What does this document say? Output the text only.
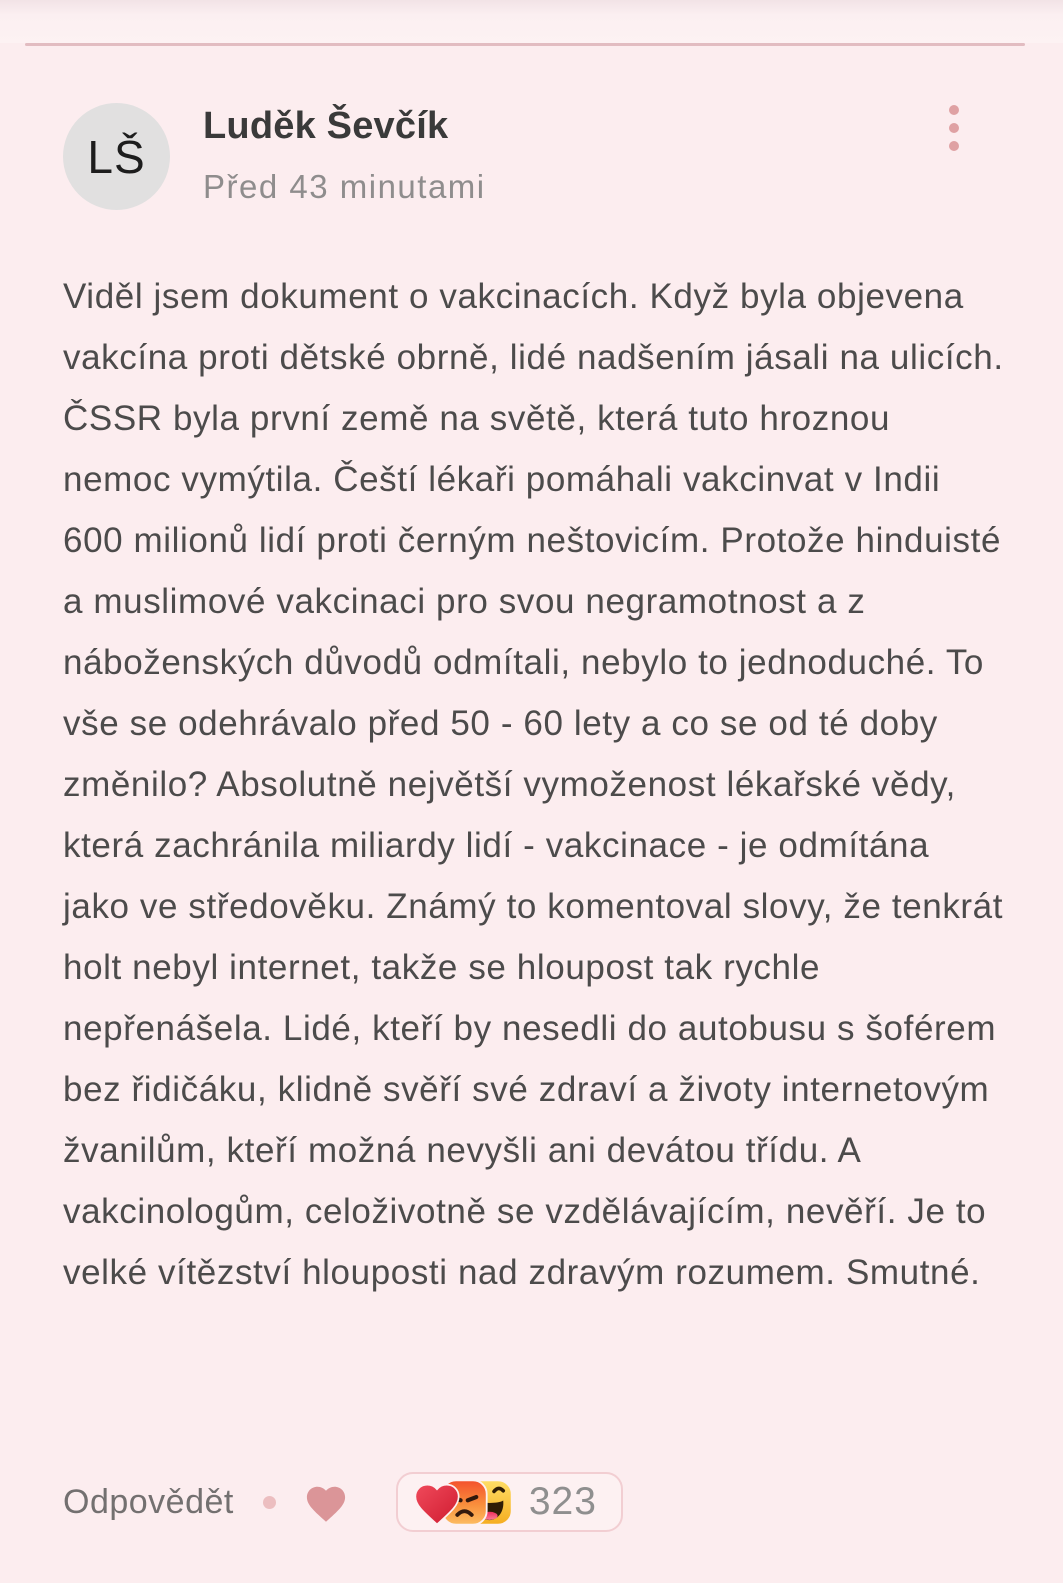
LŠ
Luděk Ševčík
Před 43 minutami

Viděl jsem dokument o vakcinacích. Když byla objevena vakcína proti dětské obrně, lidé nadšením jásali na ulicích. ČSSR byla první země na světě, která tuto hroznou nemoc vymýtila. Čeští lékaři pomáhali vakcinvat v Indii 600 milionů lidí proti černým neštovicím. Protože hinduisté a muslimové vakcinaci pro svou negramotnost a z náboženských důvodů odmítali, nebylo to jednoduché. To vše se odehrávalo před 50 - 60 lety a co se od té doby změnilo? Absolutně největší vymoženost lékařské vědy, která zachránila miliardy lidí - vakcinace - je odmítána jako ve středověku. Známý to komentoval slovy, že tenkrát holt nebyl internet, takže se hloupost tak rychle nepřenášela. Lidé, kteří by nesedli do autobusu s šoférem bez řidičáku, klidně svěří své zdraví a životy internetovým žvanilům, kteří možná nevyšli ani devátou třídu. A vakcinologům, celoživotně se vzdělávajícím, nevěří. Je to velké vítězství hlouposti nad zdravým rozumem. Smutné.

Odpovědět	323
